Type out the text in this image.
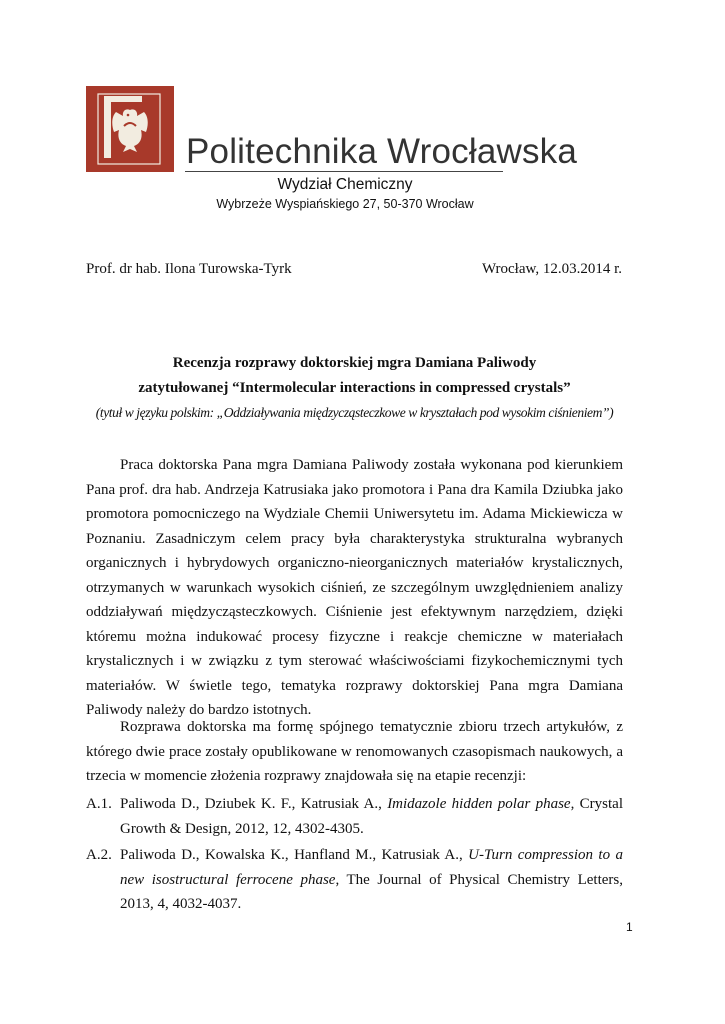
Politechnika Wrocławska
Wydział Chemiczny
Wybrzeże Wyspiańskiego 27, 50-370 Wrocław
Prof. dr hab. Ilona Turowska-Tyrk	Wrocław, 12.03.2014 r.
Recenzja rozprawy doktorskiej mgra Damiana Paliwody
zatytułowanej “Intermolecular interactions in compressed crystals”
(tytuł w języku polskim: „Oddziaływania międzycząsteczkowe w kryształach pod wysokim ciśnieniem”)
Praca doktorska Pana mgra Damiana Paliwody została wykonana pod kierunkiem Pana prof. dra hab. Andrzeja Katrusiaka jako promotora i Pana dra Kamila Dziubka jako promotora pomocniczego na Wydziale Chemii Uniwersytetu im. Adama Mickiewicza w Poznaniu. Zasadniczym celem pracy była charakterystyka strukturalna wybranych organicznych i hybrydowych organiczno-nieorganicznych materiałów krystalicznych, otrzymanych w warunkach wysokich ciśnień, ze szczególnym uwzględnieniem analizy oddziaływań międzycząsteczkowych. Ciśnienie jest efektywnym narzędziem, dzięki któremu można indukować procesy fizyczne i reakcje chemiczne w materiałach krystalicznych i w związku z tym sterować właściwościami fizykochemicznymi tych materiałów. W świetle tego, tematyka rozprawy doktorskiej Pana mgra Damiana Paliwody należy do bardzo istotnych.
Rozprawa doktorska ma formę spójnego tematycznie zbioru trzech artykułów, z którego dwie prace zostały opublikowane w renomowanych czasopismach naukowych, a trzecia w momencie złożenia rozprawy znajdowała się na etapie recenzji:
A.1. Paliwoda D., Dziubek K. F., Katrusiak A., Imidazole hidden polar phase, Crystal Growth & Design, 2012, 12, 4302-4305.
A.2. Paliwoda D., Kowalska K., Hanfland M., Katrusiak A., U-Turn compression to a new isostructural ferrocene phase, The Journal of Physical Chemistry Letters, 2013, 4, 4032-4037.
1
